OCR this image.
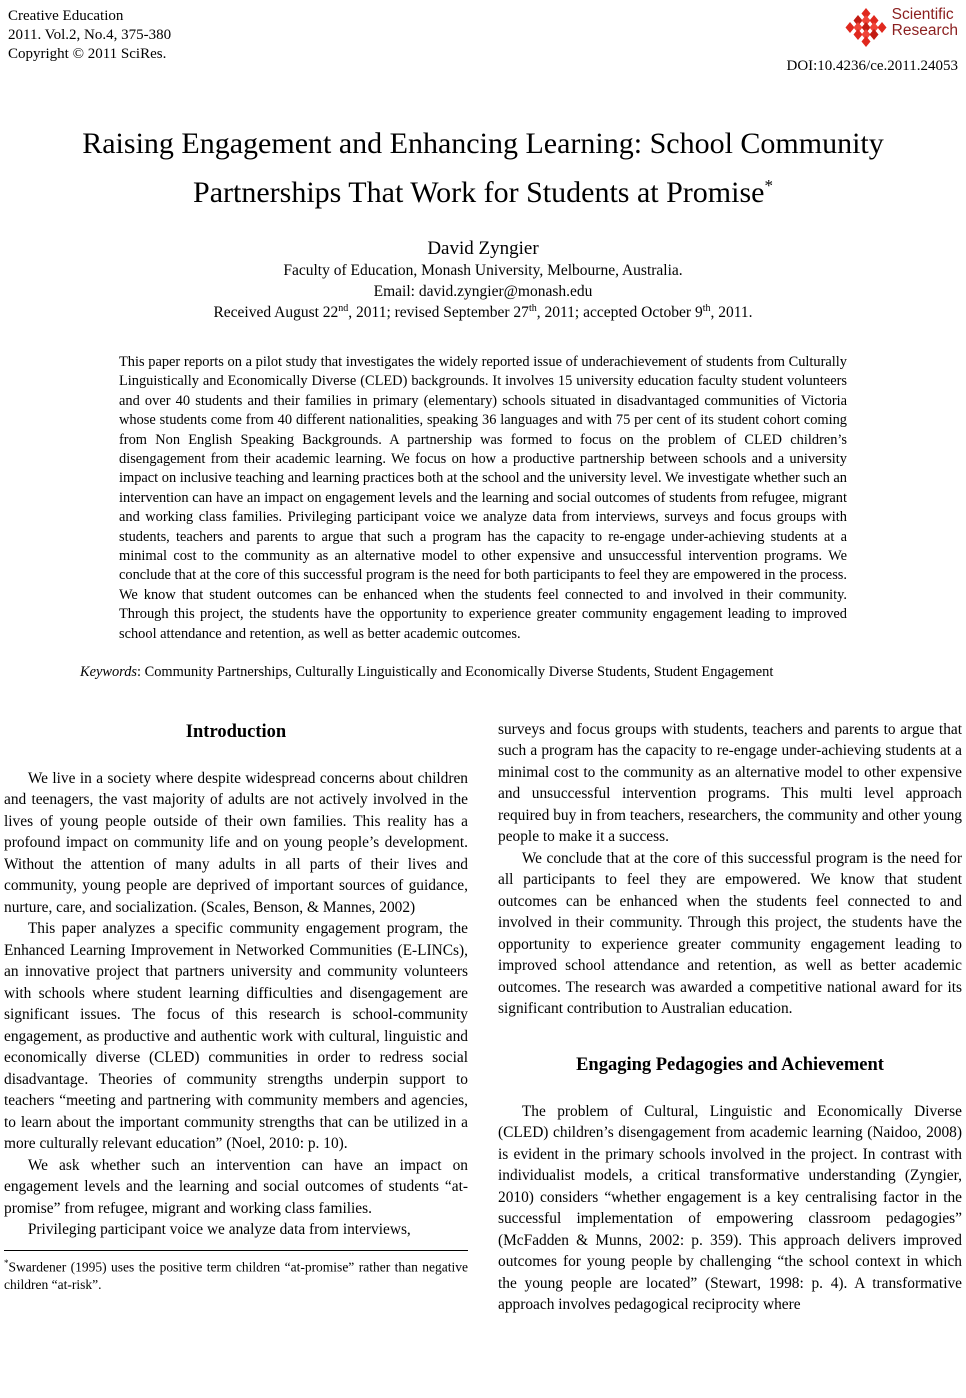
Creative Education
2011. Vol.2, No.4, 375-380
Copyright © 2011 SciRes.
Scientific
Research
DOI:10.4236/ce.2011.24053
Raising Engagement and Enhancing Learning: School Community
Partnerships That Work for Students at Promise*
David Zyngier
Faculty of Education, Monash University, Melbourne, Australia.
Email: david.zyngier@monash.edu
Received August 22nd, 2011; revised September 27th, 2011; accepted October 9th, 2011.
This paper reports on a pilot study that investigates the widely reported issue of underachievement of students from Culturally Linguistically and Economically Diverse (CLED) backgrounds. It involves 15 university education faculty student volunteers and over 40 students and their families in primary (elementary) schools situated in disadvantaged communities of Victoria whose students come from 40 different nationalities, speaking 36 languages and with 75 per cent of its student cohort coming from Non English Speaking Backgrounds. A partnership was formed to focus on the problem of CLED children’s disengagement from their academic learning. We focus on how a productive partnership between schools and a university impact on inclusive teaching and learning practices both at the school and the university level. We investigate whether such an intervention can have an impact on engagement levels and the learning and social outcomes of students from refugee, migrant and working class families. Privileging participant voice we analyze data from interviews, surveys and focus groups with students, teachers and parents to argue that such a program has the capacity to re-engage under-achieving students at a minimal cost to the community as an alternative model to other expensive and unsuccessful intervention programs. We conclude that at the core of this successful program is the need for both participants to feel they are empowered in the process. We know that student outcomes can be enhanced when the students feel connected to and involved in their community. Through this project, the students have the opportunity to experience greater community engagement leading to improved school attendance and retention, as well as better academic outcomes.
Keywords: Community Partnerships, Culturally Linguistically and Economically Diverse Students, Student Engagement
Introduction

We live in a society where despite widespread concerns about children and teenagers, the vast majority of adults are not actively involved in the lives of young people outside of their own families. This reality has a profound impact on community life and on young people’s development. Without the attention of many adults in all parts of their lives and community, young people are deprived of important sources of guidance, nurture, care, and socialization. (Scales, Benson, & Mannes, 2002)

This paper analyzes a specific community engagement program, the Enhanced Learning Improvement in Networked Communities (E-LINCs), an innovative project that partners university and community volunteers with schools where student learning difficulties and disengagement are significant issues. The focus of this research is school-community engagement, as productive and authentic work with cultural, linguistic and economically diverse (CLED) communities in order to redress social disadvantage. Theories of community strengths underpin support to teachers “meeting and partnering with community members and agencies, to learn about the important community strengths that can be utilized in a more culturally relevant education” (Noel, 2010: p. 10).

We ask whether such an intervention can have an impact on engagement levels and the learning and social outcomes of students “at-promise” from refugee, migrant and working class families.

Privileging participant voice we analyze data from interviews,

*Swardener (1995) uses the positive term children “at-promise” rather than negative children “at-risk”.

surveys and focus groups with students, teachers and parents to argue that such a program has the capacity to re-engage under-achieving students at a minimal cost to the community as an alternative model to other expensive and unsuccessful intervention programs. This multi level approach required buy in from teachers, researchers, the community and other young people to make it a success.

We conclude that at the core of this successful program is the need for all participants to feel they are empowered. We know that student outcomes can be enhanced when the students feel connected to and involved in their community. Through this project, the students have the opportunity to experience greater community engagement leading to improved school attendance and retention, as well as better academic outcomes. The research was awarded a competitive national award for its significant contribution to Australian education.

Engaging Pedagogies and Achievement

The problem of Cultural, Linguistic and Economically Diverse (CLED) children’s disengagement from academic learning (Naidoo, 2008) is evident in the primary schools involved in the project. In contrast with individualist models, a critical transformative understanding (Zyngier, 2010) considers “whether engagement is a key centralising factor in the successful implementation of empowering classroom pedagogies” (McFadden & Munns, 2002: p. 359). This approach delivers improved outcomes for young people by challenging “the school context in which the young people are located” (Stewart, 1998: p. 4). A transformative approach involves pedagogical reciprocity where
